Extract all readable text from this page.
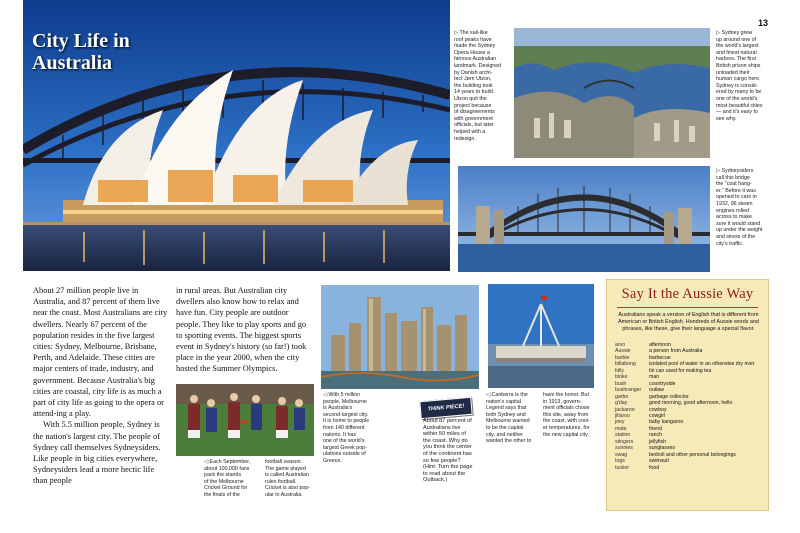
13
City Life in
Australia
▷ The sail-like
roof peaks have
made the Sydney
Opera House a
famous Australian
landmark. Designed
by Danish archi-
tect Jørn Utzon,
the building took
14 years to build.
Utzon quit the
project because
of disagreements
with government
officials, but later
helped with a
redesign.
▷ Sydney grew
up around one of
the world's largest
and finest natural
harbors. The first
British prison ships
unloaded their
human cargo here.
Sydney is consid-
ered by many to be
one of the world's
most beautiful cities
— and it's easy to
see why.
▷ Sydneysiders
call this bridge
the "coat hang-
er." Before it was
opened to cars in
1932, 96 steam
engines rolled
across to make
sure it would stand
up under the weight
and stress of the
city's traffic.

About 27 million people live in Australia, and 87 percent of them live near the coast. Most Australians are city dwellers. Nearly 67 percent of the population resides in the five largest cities: Sydney, Melbourne, Brisbane, Perth, and Adelaide. These cities are major centers of trade, industry, and government. Because Australia's big cities are coastal, city life is as much a part of city life as going to the opera or attend-ing a play.

With 5.5 million people, Sydney is the nation's largest city. The people of Sydney call themselves Sydneysiders. Like people in big cities everywhere, Sydneysiders lead a more hectic life than people

in rural areas. But Australian city dwellers also know how to relax and have fun. City people are outdoor people. They like to play sports and go to sporting events. The biggest sports event in Sydney's history (so far!) took place in the year 2000, when the city hosted the Summer Olympics.

◁ Each September,
about 100,000 fans
pack the stands
of the Melbourne
Cricket Ground for
the finals of the
football season.
The game played
is called Australian
rules football.
Cricket is also pop-
ular in Australia.
◁ With 5 million
people, Melbourne
is Australia's
second-largest city.
It is home to people
from 140 different
nations. It has
one of the world's
largest Greek pop-
ulations outside of
Greece.
THINK PIECE!
About 87 percent of Australians live within 50 miles of the coast. Why do you think the center of the continent has so few people? (Hint: Turn the page to read about the Outback.)
◁ Canberra is the
nation's capital.
Legend says that
both Sydney and
Melbourne wanted
to be the capital
city, and neither
wanted the other to
have the honor. But
in 1913, govern-
ment officials chose
this site, away from
the coast, with cool-
er temperatures, for
the new capital city.
Say It the Aussie Way
Australians speak a version of English that is different from American or British English. Hundreds of Aussie words and phrases, like these, give their language a special flavor.
arvo	afternoon
Aussie	a person from Australia
barbie	barbecue
billabong	isolated pool of water in an otherwise dry river
billy	tin can used for making tea
bloke	man
bush	countryside
bushranger	outlaw
garbo	garbage collector
g'day	good morning, good afternoon, hello
jackaroo	cowboy
jillaroo	cowgirl
joey	baby kangaroo
mate	friend
station	ranch
stingers	jellyfish
sunnies	sunglasses
swag	bedroll and other personal belongings
togs	swimsuit
tucker	food
